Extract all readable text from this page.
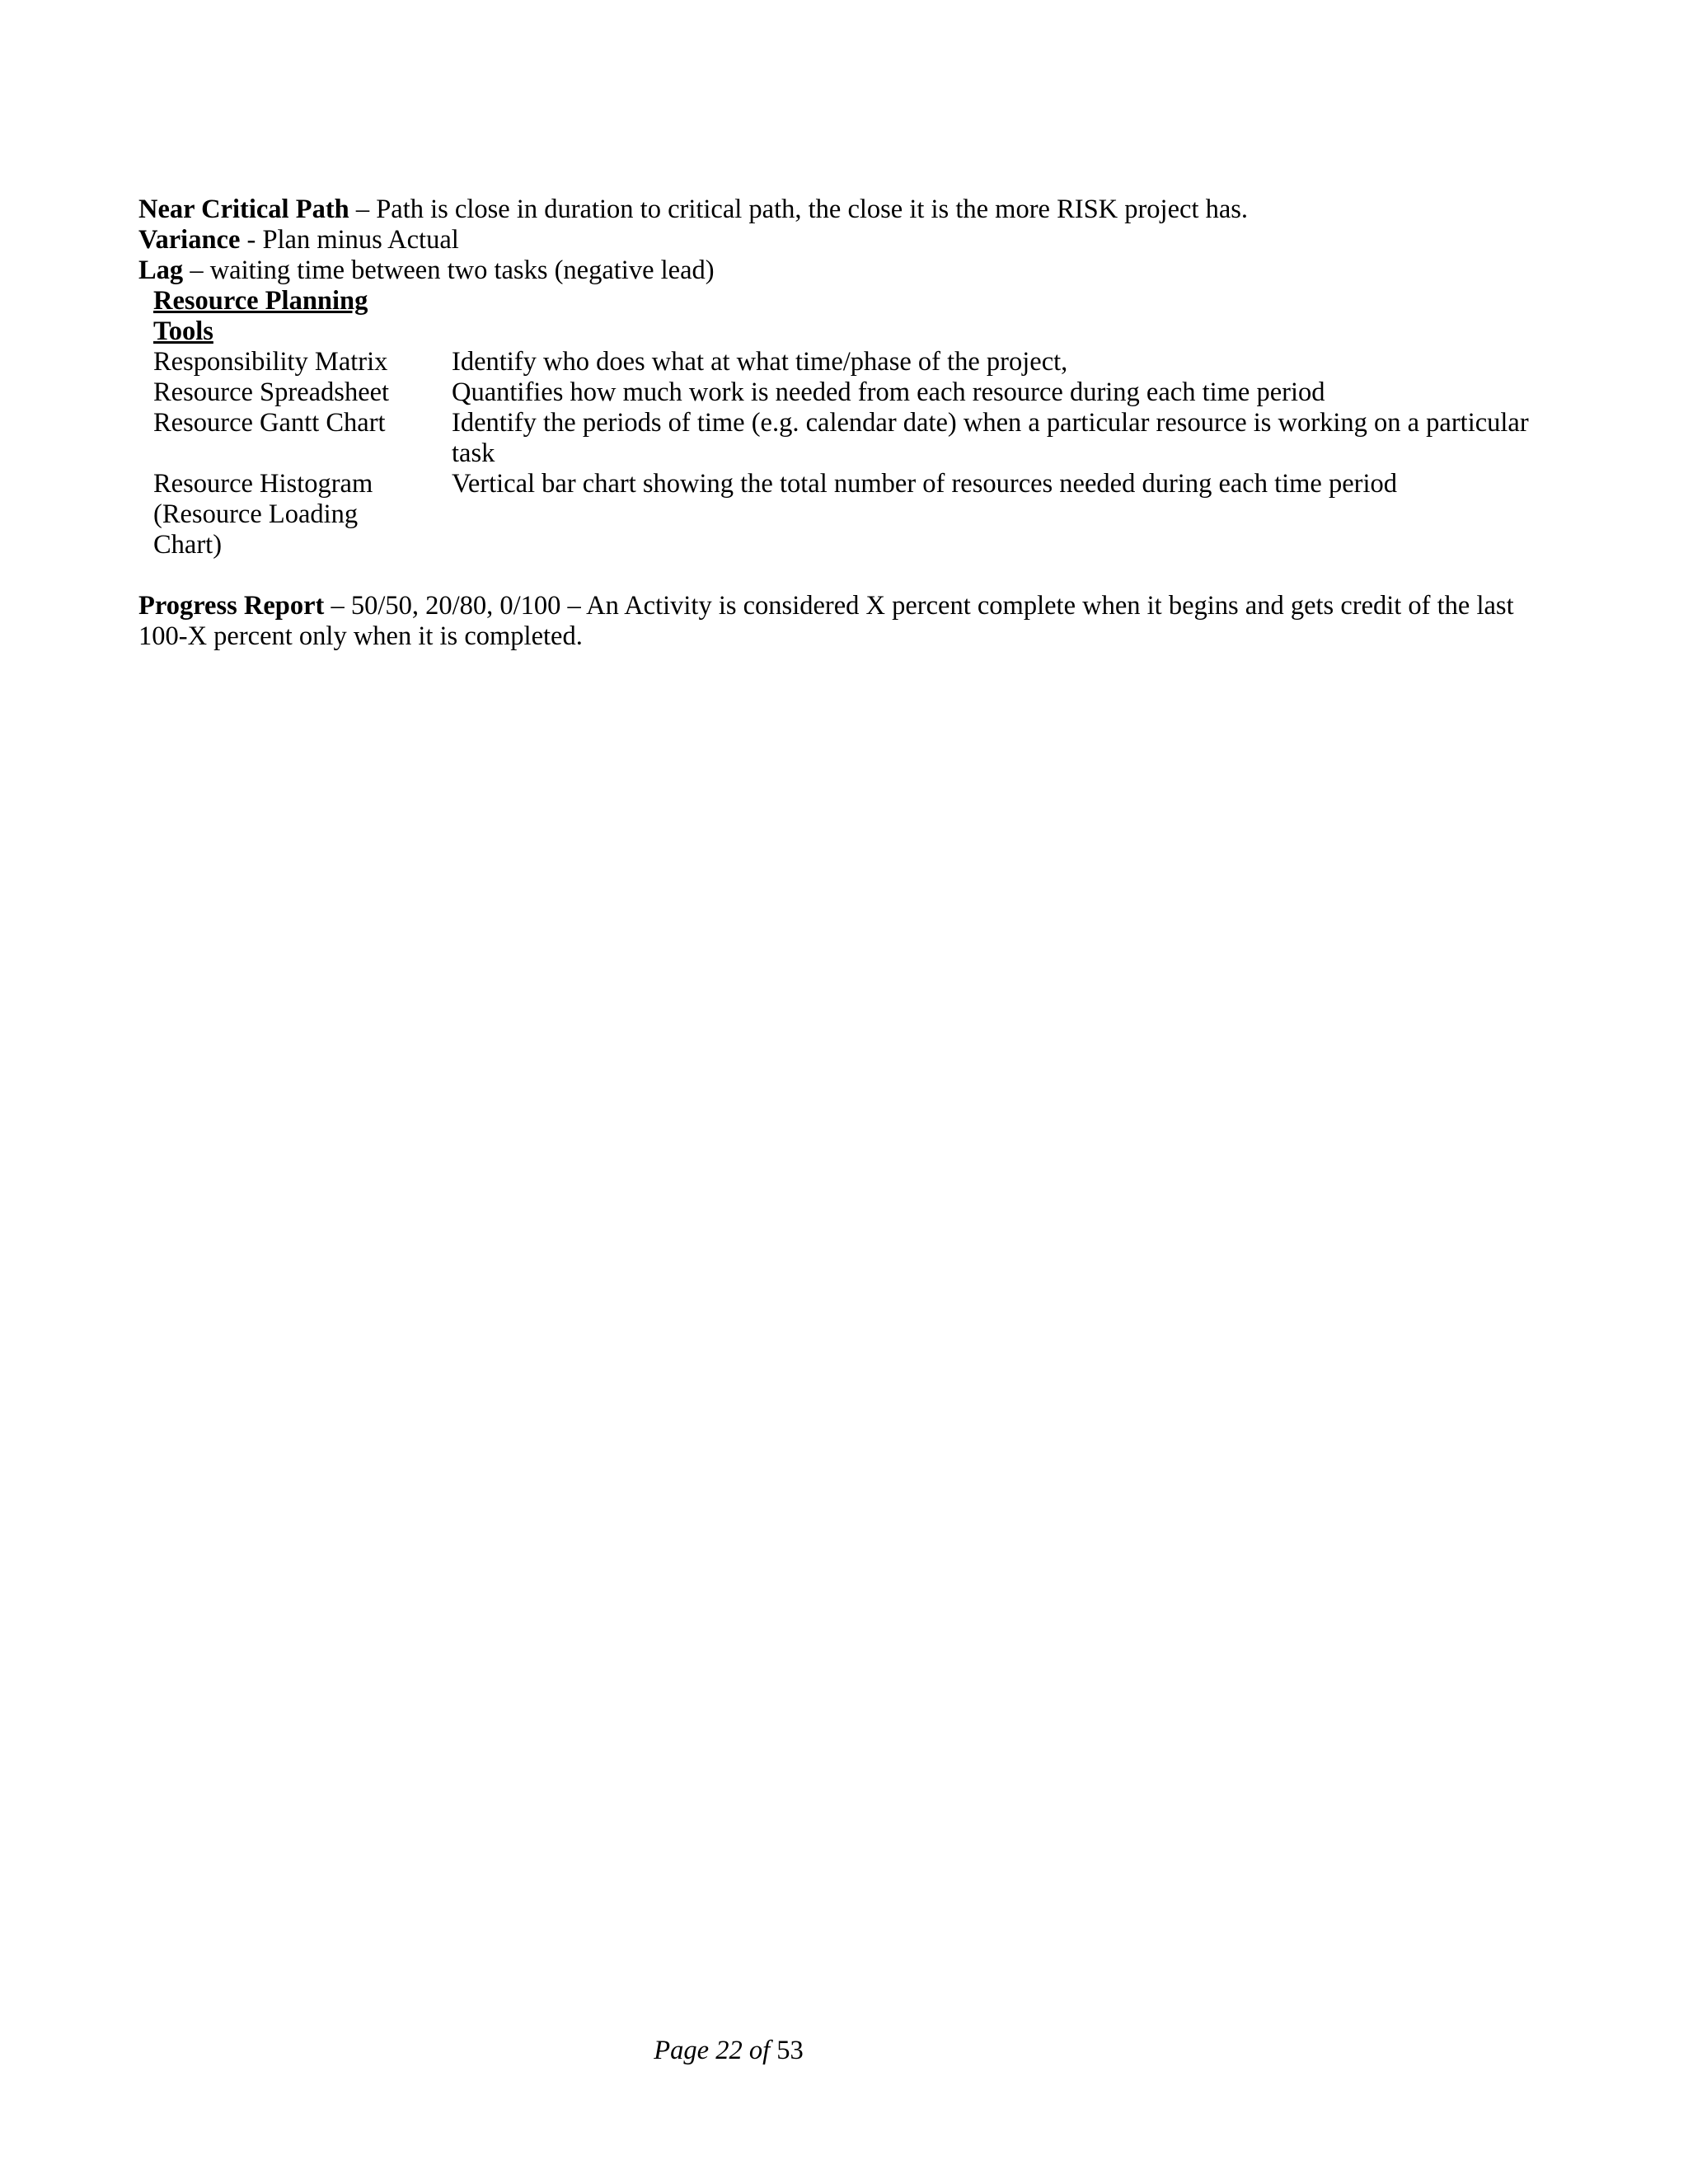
Near Critical Path – Path is close in duration to critical path, the close it is the more RISK project has.
Variance - Plan minus Actual
Lag – waiting time between two tasks (negative lead)
Resource Planning Tools	

Responsibility Matrix	Identify who does what at what time/phase of the project,

Resource Spreadsheet	Quantifies how much work is needed from each resource during each time period

Resource Gantt Chart	Identify the periods of time (e.g. calendar date) when a particular resource is working on a particular task

Resource Histogram (Resource Loading Chart)	Vertical bar chart showing the total number of resources needed during each time period
Progress Report – 50/50, 20/80, 0/100 – An Activity is considered X percent complete when it begins and gets credit of the last 100-X percent only when it is completed.
Page 22 of 53
